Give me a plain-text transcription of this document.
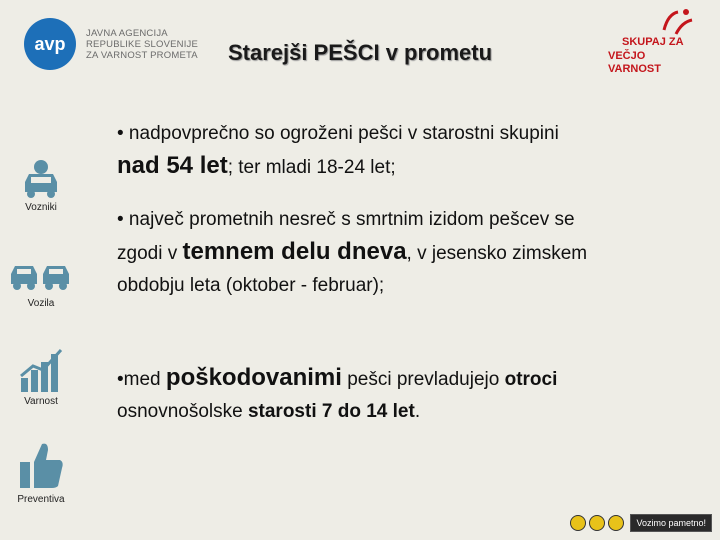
avp
JAVNA AGENCIJA
REPUBLIKE SLOVENIJE
ZA VARNOST PROMETA	Starejši PEŠCI v prometu	SKUPAJ ZA
VEČJO VARNOST
Vozniki
Vozila
Varnost
Preventiva

• nadpovprečno so ogroženi pešci v starostni skupini nad 54 let; ter mladi 18-24 let;

• največ prometnih nesreč s smrtnim izidom pešcev se zgodi v temnem delu dneva, v jesensko zimskem obdobju leta (oktober - februar);

•med poškodovanimi pešci prevladujejo otroci osnovnošolske starosti 7 do 14 let.

Vozimo pametno!
